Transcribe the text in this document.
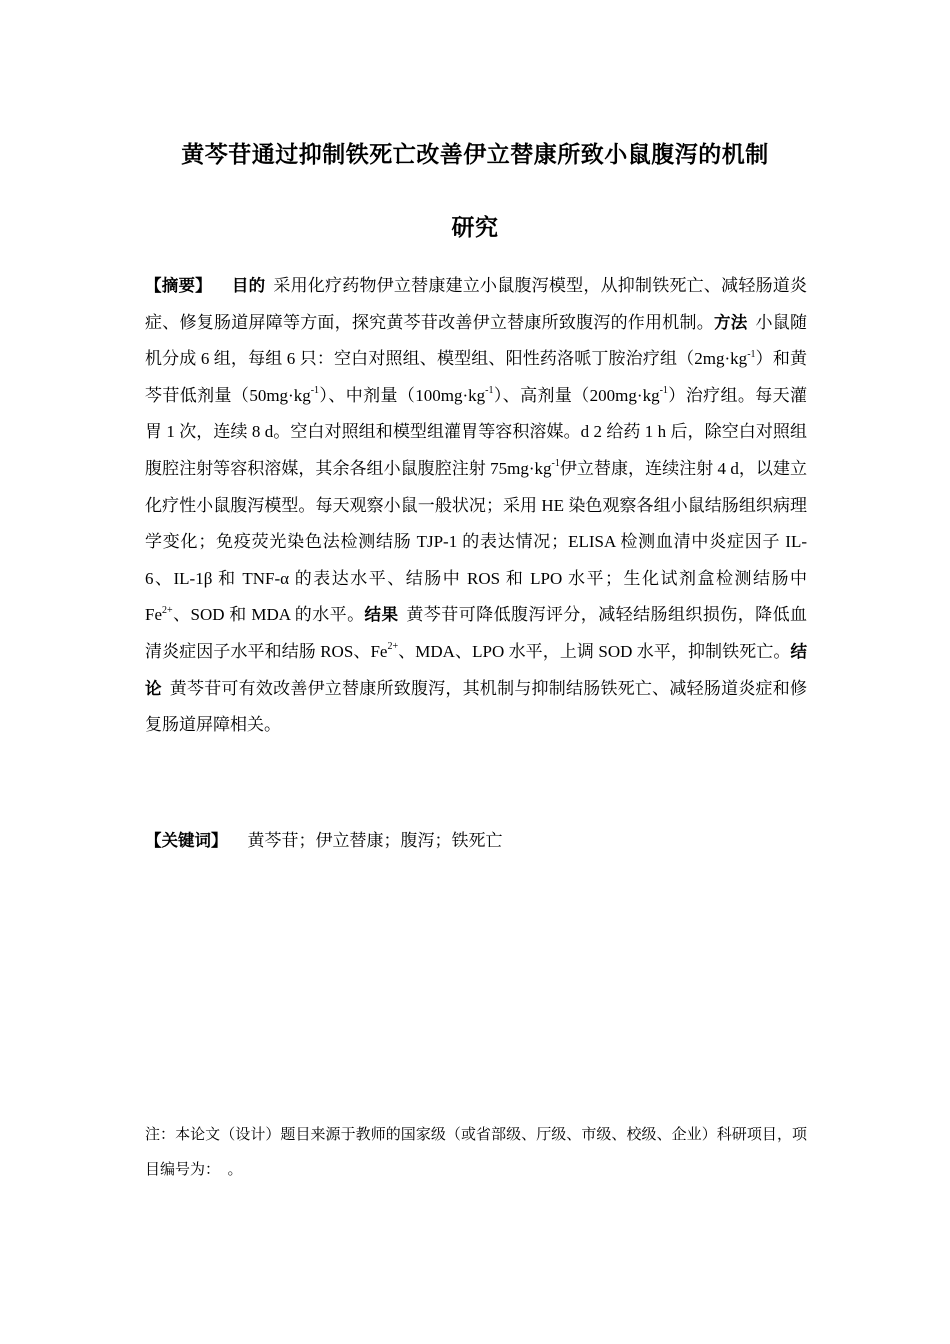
黄芩苷通过抑制铁死亡改善伊立替康所致小鼠腹泻的机制
研究
【摘要】 目的 采用化疗药物伊立替康建立小鼠腹泻模型，从抑制铁死亡、减轻肠道炎症、修复肠道屏障等方面，探究黄芩苷改善伊立替康所致腹泻的作用机制。方法 小鼠随机分成 6 组，每组 6 只：空白对照组、模型组、阳性药洛哌丁胺治疗组$(2mg\cdot kg^{-1})$和黄芩苷低剂量$(50mg\cdot kg^{-1})$、中剂量$(100mg\cdot kg^{-1})$、高剂量$(200mg\cdot kg^{-1})$治疗组。每天灌胃 1 次，连续 8 d。空白对照组和模型组灌胃等容积溶媒。d 2 给药 1 h 后，除空白对照组腹腔注射等容积溶媒，其余各组小鼠腹腔注射 $75mg\cdot kg^{-1}$伊立替康，连续注射 4 d，以建立化疗性小鼠腹泻模型。每天观察小鼠一般状况；采用 HE 染色观察各组小鼠结肠组织病理学变化；免疫荧光染色法检测结肠 TJP-1 的表达情况；ELISA 检测血清中炎症因子 IL-6、IL-1β 和 TNF-α 的表达水平、结肠中 ROS 和 LPO 水平；生化试剂盒检测结肠中 $Fe^{2+}$、SOD 和 MDA 的水平。结果 黄芩苷可降低腹泻评分，减轻结肠组织损伤，降低血清炎症因子水平和结肠 ROS、$Fe^{2+}$、MDA、LPO 水平，上调 SOD 水平，抑制铁死亡。结论 黄芩苷可有效改善伊立替康所致腹泻，其机制与抑制结肠铁死亡、减轻肠道炎症和修复肠道屏障相关。
【关键词】 黄芩苷；伊立替康；腹泻；铁死亡
注：本论文（设计）题目来源于教师的国家级（或省部级、厅级、市级、校级、企业）科研项目，项目编号为：　。
